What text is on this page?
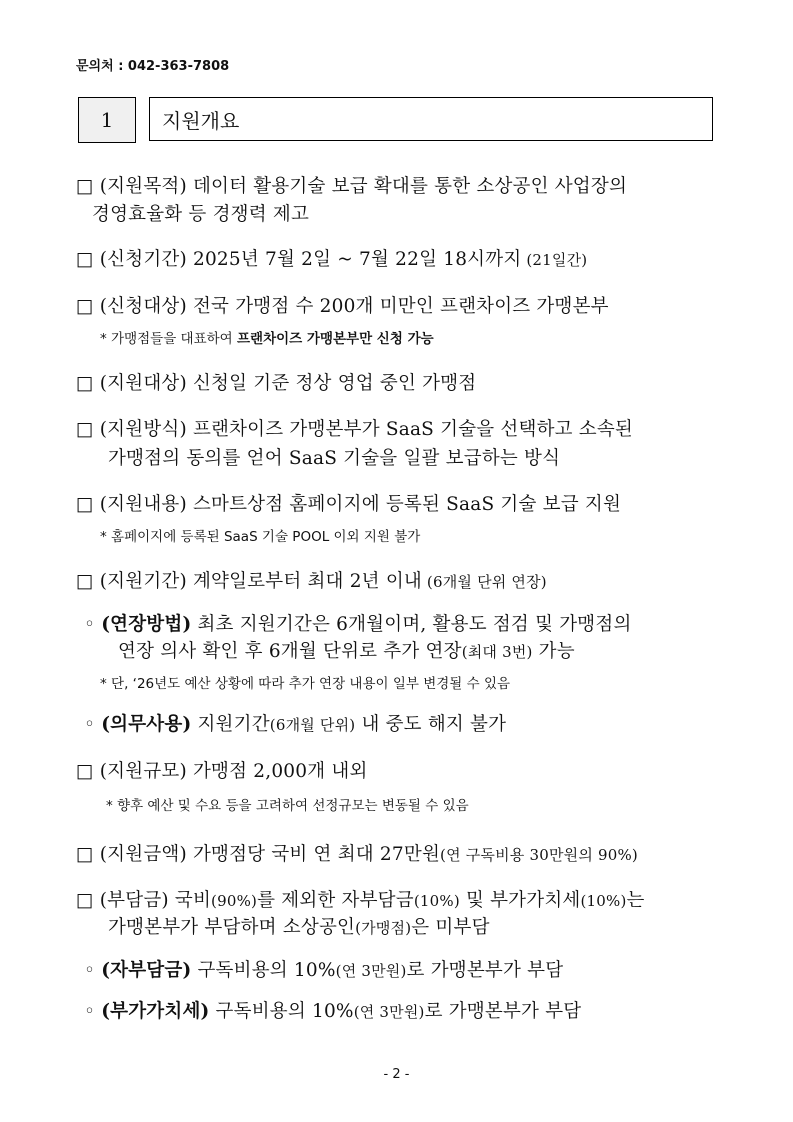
문의처 : 042-363-7808
1	지원개요
□ (지원목적) 데이터 활용기술 보급 확대를 통한 소상공인 사업장의
경영효율화 등 경쟁력 제고
□ (신청기간) 2025년 7월 2일 ~ 7월 22일 18시까지 (21일간)
□ (신청대상) 전국 가맹점 수 200개 미만인 프랜차이즈 가맹본부
* 가맹점들을 대표하여 프랜차이즈 가맹본부만 신청 가능
□ (지원대상) 신청일 기준 정상 영업 중인 가맹점
□ (지원방식) 프랜차이즈 가맹본부가 SaaS 기술을 선택하고 소속된
가맹점의 동의를 얻어 SaaS 기술을 일괄 보급하는 방식
□ (지원내용) 스마트상점 홈페이지에 등록된 SaaS 기술 보급 지원
* 홈페이지에 등록된 SaaS 기술 POOL 이외 지원 불가
□ (지원기간) 계약일로부터 최대 2년 이내 (6개월 단위 연장)
◦ (연장방법) 최초 지원기간은 6개월이며, 활용도 점검 및 가맹점의
연장 의사 확인 후 6개월 단위로 추가 연장(최대 3번) 가능
* 단, ‘26년도 예산 상황에 따라 추가 연장 내용이 일부 변경될 수 있음
◦ (의무사용) 지원기간(6개월 단위) 내 중도 해지 불가
□ (지원규모) 가맹점 2,000개 내외
* 향후 예산 및 수요 등을 고려하여 선정규모는 변동될 수 있음
□ (지원금액) 가맹점당 국비 연 최대 27만원(연 구독비용 30만원의 90%)
□ (부담금) 국비(90%)를 제외한 자부담금(10%) 및 부가가치세(10%)는
가맹본부가 부담하며 소상공인(가맹점)은 미부담
◦ (자부담금) 구독비용의 10%(연 3만원)로 가맹본부가 부담
◦ (부가가치세) 구독비용의 10%(연 3만원)로 가맹본부가 부담
- 2 -
